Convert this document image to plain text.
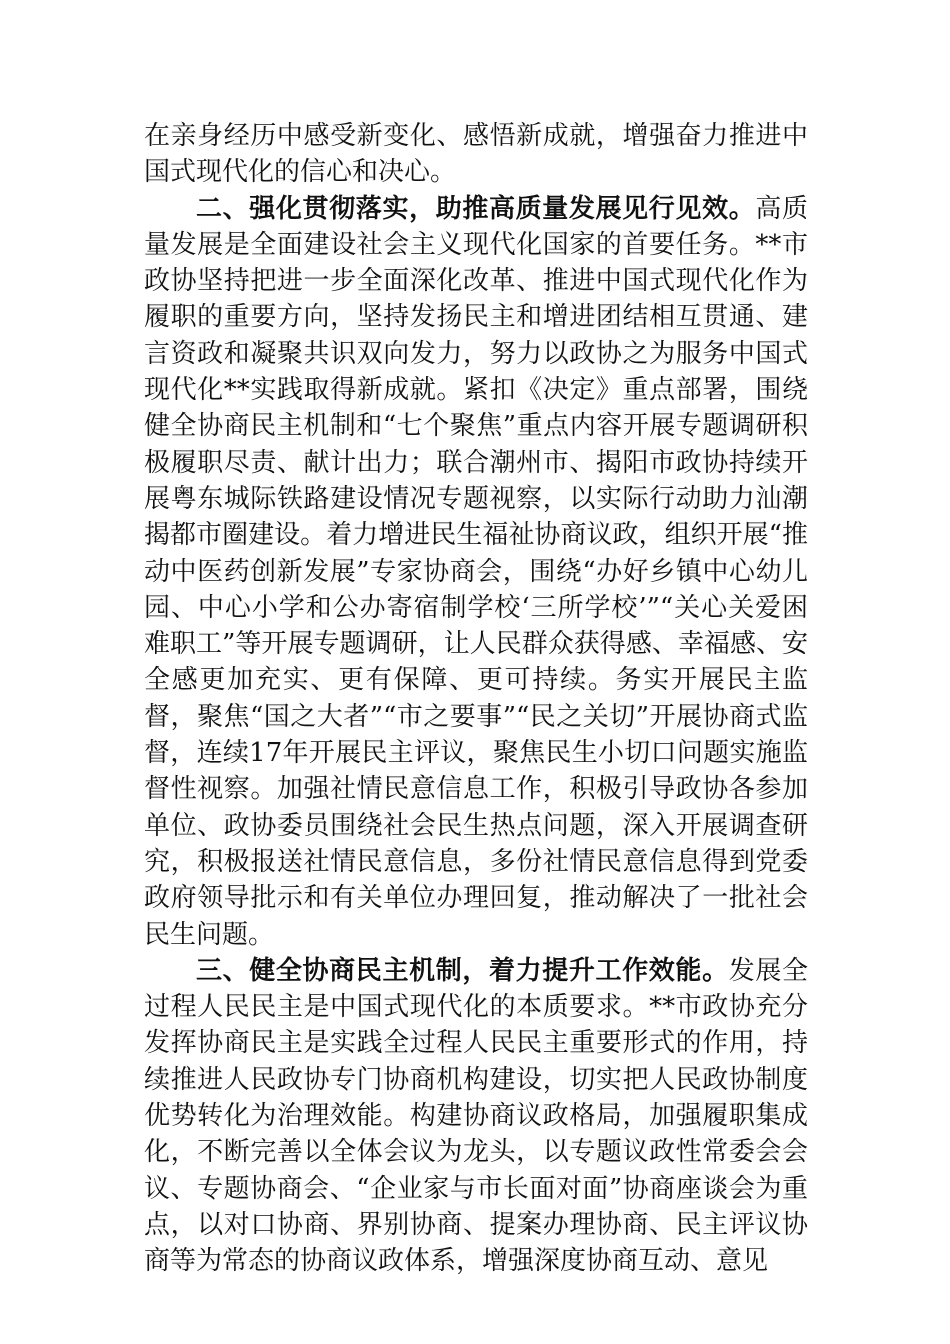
在亲身经历中感受新变化、感悟新成就，增强奋力推进中国式现代化的信心和决心。

二、强化贯彻落实，助推高质量发展见行见效。高质量发展是全面建设社会主义现代化国家的首要任务。**市政协坚持把进一步全面深化改革、推进中国式现代化作为履职的重要方向，坚持发扬民主和增进团结相互贯通、建言资政和凝聚共识双向发力，努力以政协之为服务中国式现代化**实践取得新成就。紧扣《决定》重点部署，围绕健全协商民主机制和“七个聚焦”重点内容开展专题调研积极履职尽责、献计出力；联合潮州市、揭阳市政协持续开展粤东城际铁路建设情况专题视察，以实际行动助力汕潮揭都市圈建设。着力增进民生福祉协商议政，组织开展“推动中医药创新发展”专家协商会，围绕“办好乡镇中心幼儿园、中心小学和公办寄宿制学校‘三所学校’”“关心关爱困难职工”等开展专题调研，让人民群众获得感、幸福感、安全感更加充实、更有保障、更可持续。务实开展民主监督，聚焦“国之大者”“市之要事”“民之关切”开展协商式监督，连续17年开展民主评议，聚焦民生小切口问题实施监督性视察。加强社情民意信息工作，积极引导政协各参加单位、政协委员围绕社会民生热点问题，深入开展调查研究，积极报送社情民意信息，多份社情民意信息得到党委政府领导批示和有关单位办理回复，推动解决了一批社会民生问题。

三、健全协商民主机制，着力提升工作效能。发展全过程人民民主是中国式现代化的本质要求。**市政协充分发挥协商民主是实践全过程人民民主重要形式的作用，持续推进人民政协专门协商机构建设，切实把人民政协制度优势转化为治理效能。构建协商议政格局，加强履职集成化，不断完善以全体会议为龙头，以专题议政性常委会会议、专题协商会、“企业家与市长面对面”协商座谈会为重点，以对口协商、界别协商、提案办理协商、民主评议协商等为常态的协商议政体系，增强深度协商互动、意见
